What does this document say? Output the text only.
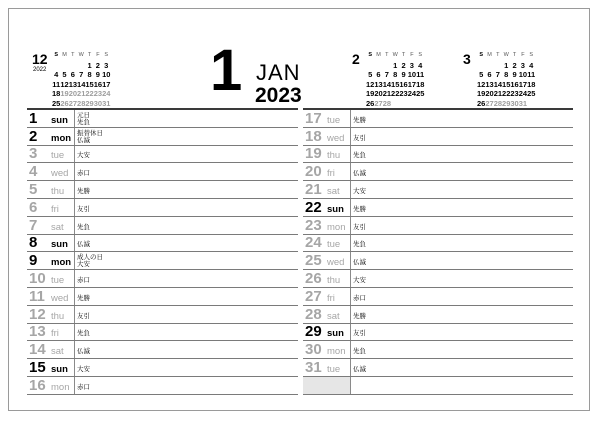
12
2022
S	M	T	W	T	F	S
				1	2	3
4	5	6	7	8	9	10
11	12	13	14	15	16	17
18	19	20	21	22	23	24
25	26	27	28	29	30	31
2 S	M	T	W	T	F	S
			1	2	3	4
5	6	7	8	9	10	11
12	13	14	15	16	17	18
19	20	21	22	23	24	25
26	27	28				
3 S	M	T	W	T	F	S
			1	2	3	4
5	6	7	8	9	10	11
12	13	14	15	16	17	18
19	20	21	22	23	24	25
26	27	28	29	30	31	
1 JAN
2023
1 sun 元日
先負
2 mon 振替休日
仏滅
3 tue 大安
4 wed 赤口
5 thu 先勝
6 fri	友引
7 sat 先負
8 sun 仏滅
9 mon 成人の日
大安
10 tue 赤口
11 wed 先勝
12 thu 友引
13 fri	先負
14 sat 仏滅
15 sun 大安
16 mon 赤口
17 tue 先勝
18 wed 友引
19 thu 先負
20 fri	仏滅
21 sat 大安
22 sun 先勝
23 mon 友引
24 tue 先負
25 wed 仏滅
26 thu 大安
27 fri	赤口
28 sat 先勝
29 sun 友引
30 mon 先負
31 tue 仏滅
